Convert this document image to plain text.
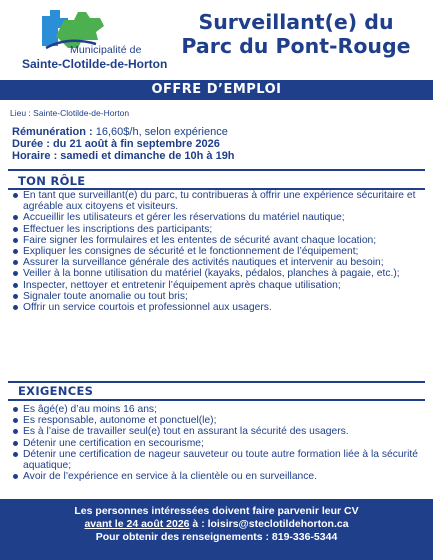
Municipalité de
Sainte-Clotilde-de-Horton
Surveillant(e) du
Parc du Pont-Rouge
OFFRE D’EMPLOI
Lieu : Sainte-Clotilde-de-Horton
Rémunération : 16,60$/h, selon expérience
Durée : du 21 août à fin septembre 2026
Horaire : samedi et dimanche de 10h à 19h
TON RÔLE
En tant que surveillant(e) du parc, tu contribueras à offrir une expérience sécuritaire et agréable aux citoyens et visiteurs.
Accueillir les utilisateurs et gérer les réservations du matériel nautique;
Effectuer les inscriptions des participants;
Faire signer les formulaires et les ententes de sécurité avant chaque location;
Expliquer les consignes de sécurité et le fonctionnement de l’équipement;
Assurer la surveillance générale des activités nautiques et intervenir au besoin;
Veiller à la bonne utilisation du matériel (kayaks, pédalos, planches à pagaie, etc.);
Inspecter, nettoyer et entretenir l’équipement après chaque utilisation;
Signaler toute anomalie ou tout bris;
Offrir un service courtois et professionnel aux usagers.
EXIGENCES
Es âgé(e) d’au moins 16 ans;
Es responsable, autonome et ponctuel(le);
Es à l’aise de travailler seul(e) tout en assurant la sécurité des usagers.
Détenir une certification en secourisme;
Détenir une certification de nageur sauveteur ou toute autre formation liée à la sécurité aquatique;
Avoir de l’expérience en service à la clientèle ou en surveillance.
Les personnes intéressées doivent faire parvenir leur CV
avant le 24 août 2026 à : loisirs@steclotildehorton.ca
Pour obtenir des renseignements : 819-336-5344
